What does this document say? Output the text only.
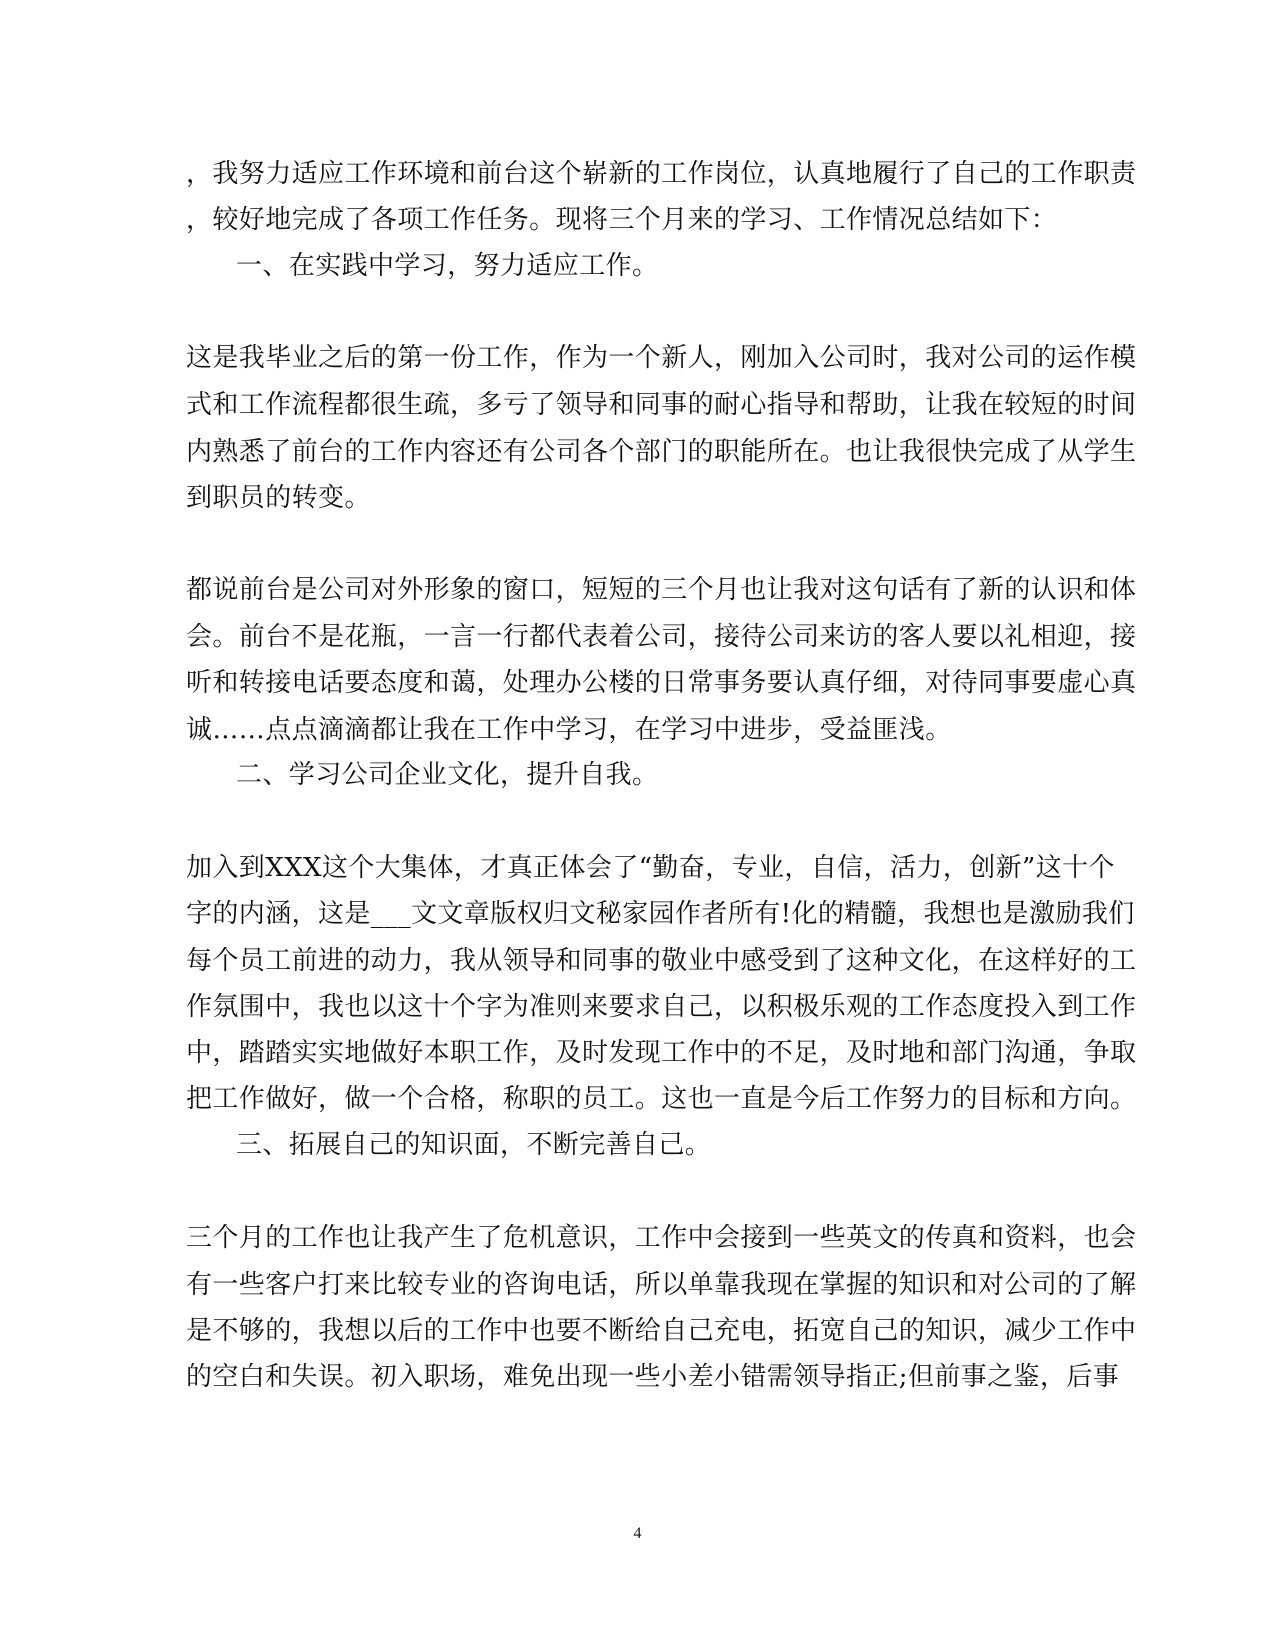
，我努力适应工作环境和前台这个崭新的工作岗位，认真地履行了自己的工作职责
，较好地完成了各项工作任务。现将三个月来的学习、工作情况总结如下：
一、在实践中学习，努力适应工作。
这是我毕业之后的第一份工作，作为一个新人，刚加入公司时，我对公司的运作模
式和工作流程都很生疏，多亏了领导和同事的耐心指导和帮助，让我在较短的时间
内熟悉了前台的工作内容还有公司各个部门的职能所在。也让我很快完成了从学生
到职员的转变。
都说前台是公司对外形象的窗口，短短的三个月也让我对这句话有了新的认识和体
会。前台不是花瓶，一言一行都代表着公司，接待公司来访的客人要以礼相迎，接
听和转接电话要态度和蔼，处理办公楼的日常事务要认真仔细，对待同事要虚心真
诚……点点滴滴都让我在工作中学习，在学习中进步，受益匪浅。
二、学习公司企业文化，提升自我。
加入到XXX这个大集体，才真正体会了“勤奋，专业，自信，活力，创新”这十个
字的内涵，这是___文文章版权归文秘家园作者所有!化的精髓，我想也是激励我们
每个员工前进的动力，我从领导和同事的敬业中感受到了这种文化，在这样好的工
作氛围中，我也以这十个字为准则来要求自己，以积极乐观的工作态度投入到工作
中，踏踏实实地做好本职工作，及时发现工作中的不足，及时地和部门沟通，争取
把工作做好，做一个合格，称职的员工。这也一直是今后工作努力的目标和方向。
三、拓展自己的知识面，不断完善自己。
三个月的工作也让我产生了危机意识，工作中会接到一些英文的传真和资料，也会
有一些客户打来比较专业的咨询电话，所以单靠我现在掌握的知识和对公司的了解
是不够的，我想以后的工作中也要不断给自己充电，拓宽自己的知识，减少工作中
的空白和失误。初入职场，难免出现一些小差小错需领导指正;但前事之鉴，后事
4
